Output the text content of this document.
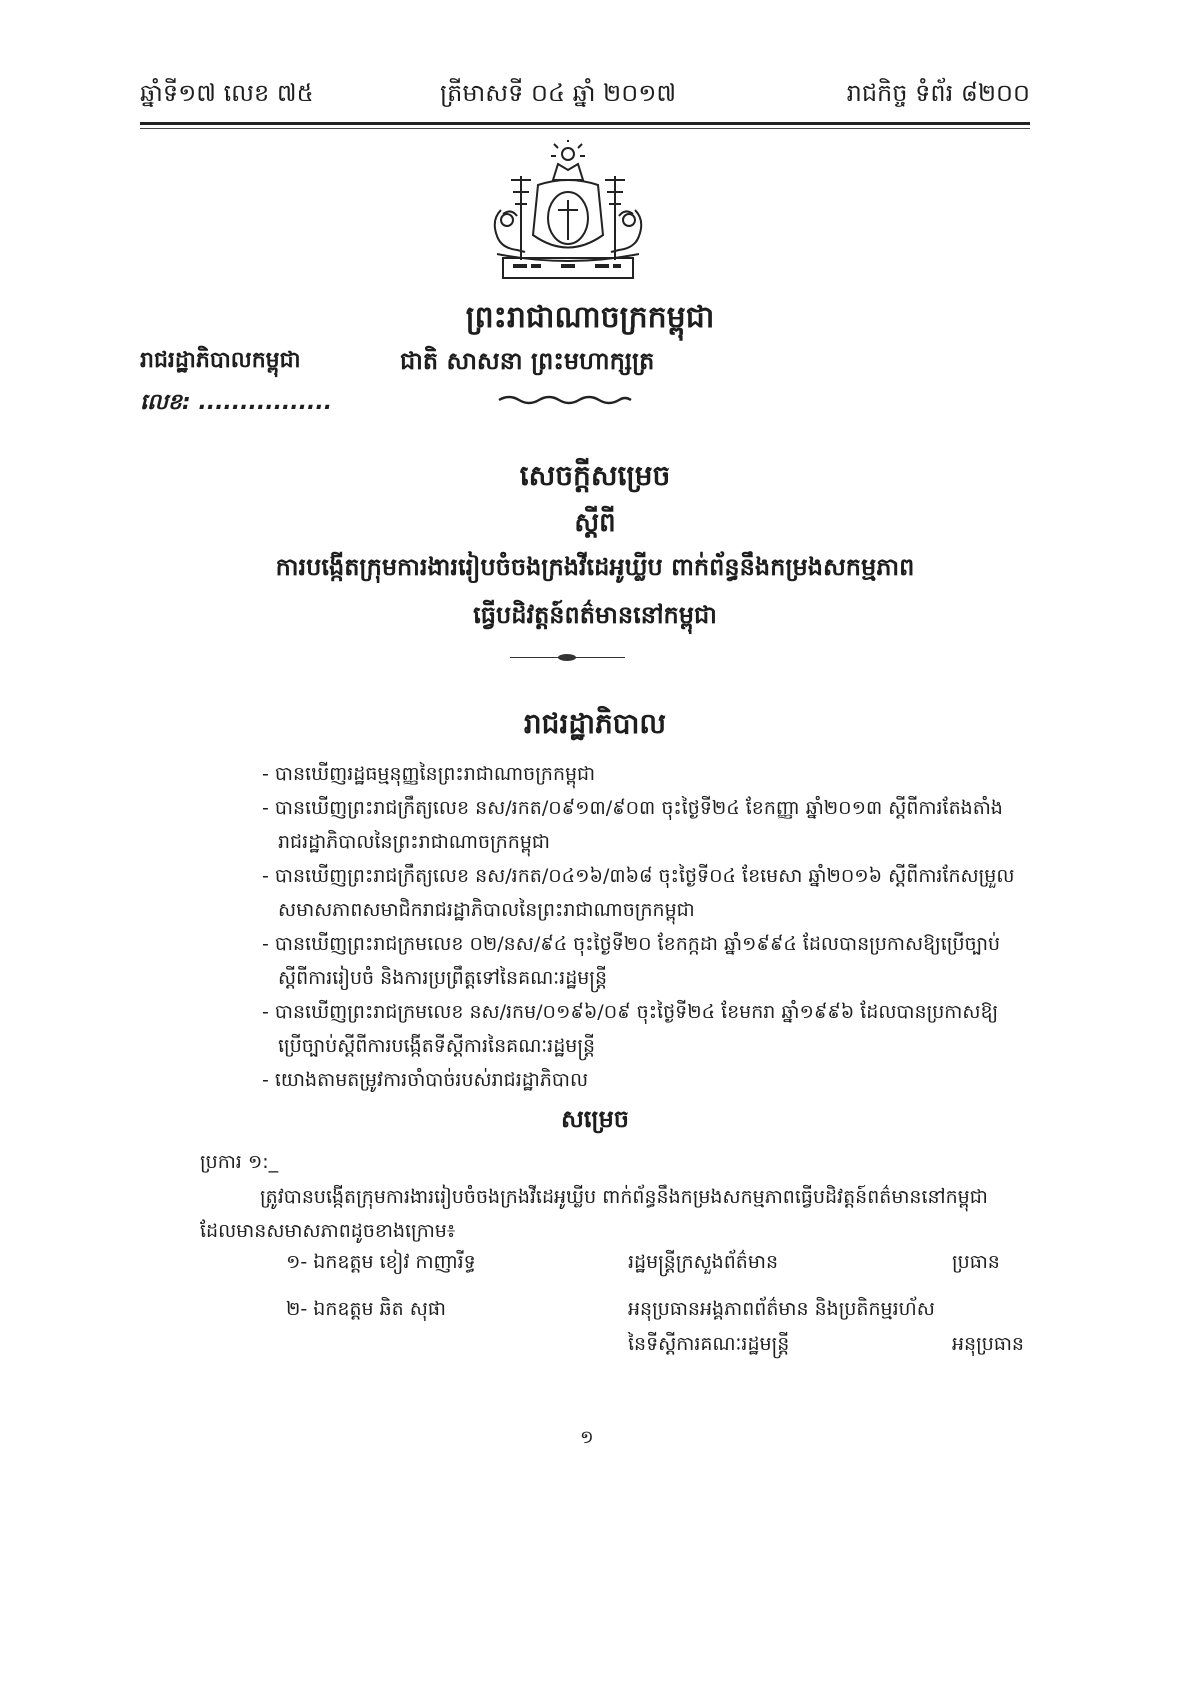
ឆ្នាំទី១៧ លេខ ៧៥	ត្រីមាសទី ០៤ ឆ្នាំ ២០១៧	រាជកិច្ច ទំព័រ ៨២០០
ព្រះរាជាណាចក្រកម្ពុជា
រាជរដ្ឋាភិបាលកម្ពុជា	ជាតិ សាសនា ព្រះមហាក្សត្រ
លេខ: ................
សេចក្ដីសម្រេច
ស្ដីពី
ការបង្កើតក្រុមការងាររៀបចំចងក្រងវីដេអូឃ្លីប ពាក់ព័ន្ធនឹងកម្រងសកម្មភាព
ធ្វើបដិវត្តន៍ពត៌មាននៅកម្ពុជា
រាជរដ្ឋាភិបាល
- បានឃើញរដ្ឋធម្មនុញ្ញនៃព្រះរាជាណាចក្រកម្ពុជា
- បានឃើញព្រះរាជក្រឹត្យលេខ នស/រកត/០៩១៣/៩០៣ ចុះថ្ងៃទី២៤ ខែកញ្ញា ឆ្នាំ២០១៣ ស្ដីពីការតែងតាំង
រាជរដ្ឋាភិបាលនៃព្រះរាជាណាចក្រកម្ពុជា
- បានឃើញព្រះរាជក្រឹត្យលេខ នស/រកត/០៤១៦/៣៦៨ ចុះថ្ងៃទី០៤ ខែមេសា ឆ្នាំ២០១៦ ស្ដីពីការកែសម្រួល
សមាសភាពសមាជិករាជរដ្ឋាភិបាលនៃព្រះរាជាណាចក្រកម្ពុជា
- បានឃើញព្រះរាជក្រមលេខ ០២/នស/៩៤ ចុះថ្ងៃទី២០ ខែកក្កដា ឆ្នាំ១៩៩៤ ដែលបានប្រកាសឱ្យប្រើច្បាប់
ស្ដីពីការរៀបចំ និងការប្រព្រឹត្តទៅនៃគណៈរដ្ឋមន្ត្រី
- បានឃើញព្រះរាជក្រមលេខ នស/រកម/០១៩៦/០៩ ចុះថ្ងៃទី២៤ ខែមករា ឆ្នាំ១៩៩៦ ដែលបានប្រកាសឱ្យ
ប្រើច្បាប់ស្ដីពីការបង្កើតទីស្ដីការនៃគណៈរដ្ឋមន្ត្រី
- យោងតាមតម្រូវការចាំបាច់របស់រាជរដ្ឋាភិបាល
សម្រេច
ប្រការ ១:_
ត្រូវបានបង្កើតក្រុមការងាររៀបចំចងក្រងវីដេអូឃ្លីប ពាក់ព័ន្ធនឹងកម្រងសកម្មភាពធ្វើបដិវត្តន៍ពត៌មាននៅកម្ពុជា
ដែលមានសមាសភាពដូចខាងក្រោម៖
១- ឯកឧត្តម ខៀវ កាញារីទ្ធ	រដ្ឋមន្ត្រីក្រសួងព័ត៌មាន	ប្រធាន
២- ឯកឧត្តម ឆិត សុផា	អនុប្រធានអង្គភាពព័ត៌មាន និងប្រតិកម្មរហ័ស
នៃទីស្ដីការគណៈរដ្ឋមន្ត្រី	អនុប្រធាន
១
